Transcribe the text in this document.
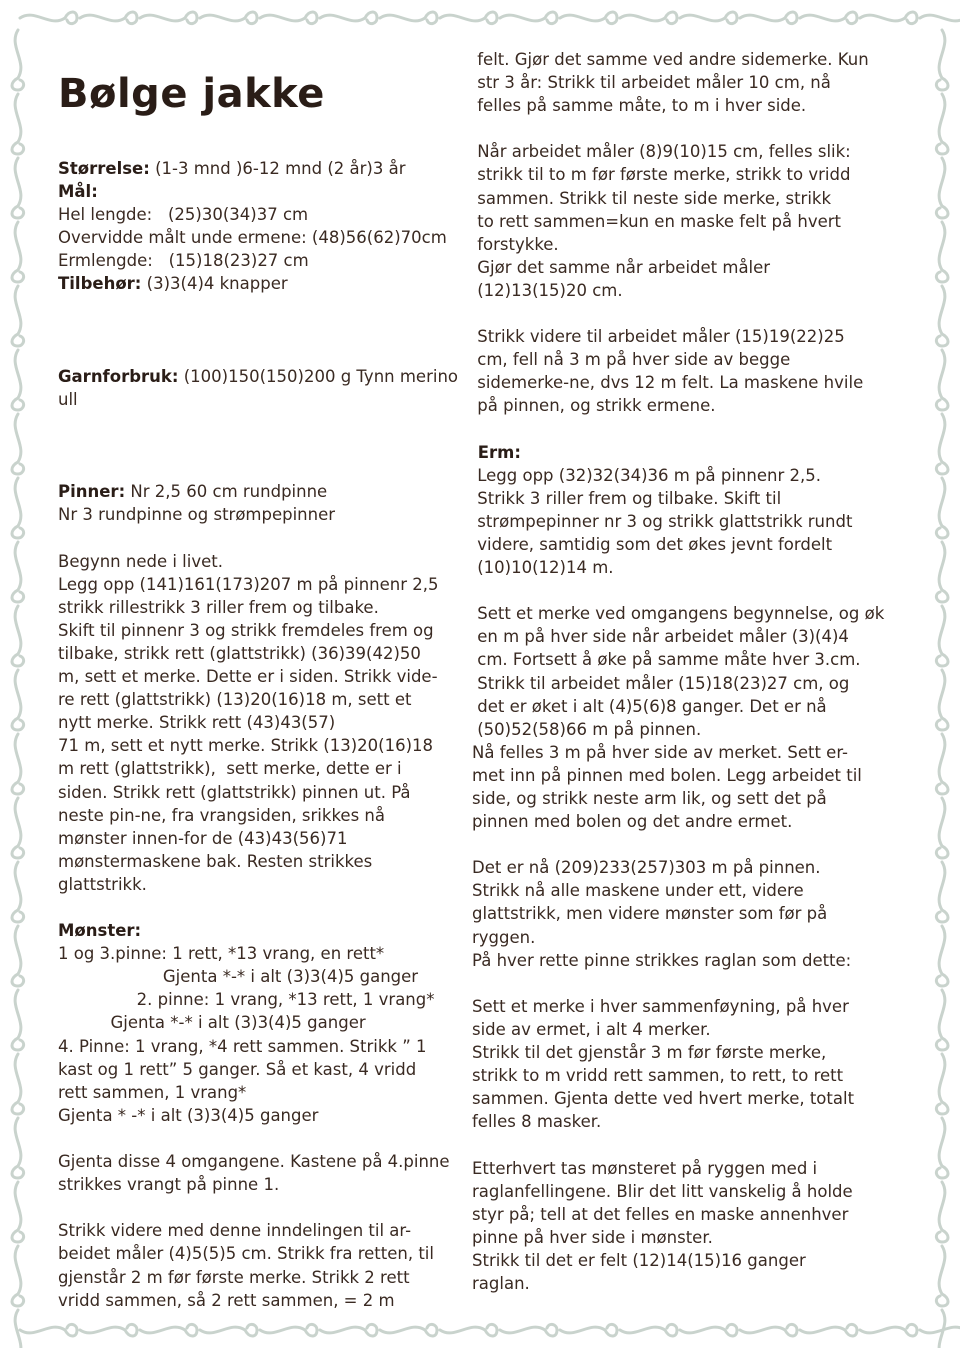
Bølge jakke
Størrelse: (1-3 mnd )6-12 mnd (2 år)3 år
Mål:
Hel lengde:   (25)30(34)37 cm
Overvidde målt unde ermene: (48)56(62)70cm
Ermlengde:   (15)18(23)27 cm
Tilbehør: (3)3(4)4 knapper
Garnforbruk: (100)150(150)200 g Tynn merino
ull
Pinner: Nr 2,5 60 cm rundpinne
Nr 3 rundpinne og strømpepinner
Begynn nede i livet.
Legg opp (141)161(173)207 m på pinnenr 2,5
strikk rillestrikk 3 riller frem og tilbake.
Skift til pinnenr 3 og strikk fremdeles frem og
tilbake, strikk rett (glattstrikk) (36)39(42)50
m, sett et merke. Dette er i siden. Strikk vide-
re rett (glattstrikk) (13)20(16)18 m, sett et
nytt merke. Strikk rett (43)43(57)
71 m, sett et nytt merke. Strikk (13)20(16)18
m rett (glattstrikk),  sett merke, dette er i
siden. Strikk rett (glattstrikk) pinnen ut. På
neste pin-ne, fra vrangsiden, srikkes nå
mønster innen-for de (43)43(56)71
mønstermaskene bak. Resten strikkes
glattstrikk.
Mønster:
1 og 3.pinne: 1 rett, *13 vrang, en rett*
Gjenta *-* i alt (3)3(4)5 ganger
2. pinne: 1 vrang, *13 rett, 1 vrang*
Gjenta *-* i alt (3)3(4)5 ganger
4. Pinne: 1 vrang, *4 rett sammen. Strikk ” 1
kast og 1 rett” 5 ganger. Så et kast, 4 vridd
rett sammen, 1 vrang*
Gjenta * -* i alt (3)3(4)5 ganger
Gjenta disse 4 omgangene. Kastene på 4.pinne
strikkes vrangt på pinne 1.
Strikk videre med denne inndelingen til ar-
beidet måler (4)5(5)5 cm. Strikk fra retten, til
gjenstår 2 m før første merke. Strikk 2 rett
vridd sammen, så 2 rett sammen, = 2 m
felt. Gjør det samme ved andre sidemerke. Kun
str 3 år: Strikk til arbeidet måler 10 cm, nå
felles på samme måte, to m i hver side.
Når arbeidet måler (8)9(10)15 cm, felles slik:
strikk til to m før første merke, strikk to vridd
sammen. Strikk til neste side merke, strikk
to rett sammen=kun en maske felt på hvert
forstykke.
Gjør det samme når arbeidet måler
(12)13(15)20 cm.
Strikk videre til arbeidet måler (15)19(22)25
cm, fell nå 3 m på hver side av begge
sidemerke-ne, dvs 12 m felt. La maskene hvile
på pinnen, og strikk ermene.
Erm:
Legg opp (32)32(34)36 m på pinnenr 2,5.
Strikk 3 riller frem og tilbake. Skift til
strømpepinner nr 3 og strikk glattstrikk rundt
videre, samtidig som det økes jevnt fordelt
(10)10(12)14 m.
Sett et merke ved omgangens begynnelse, og øk
en m på hver side når arbeidet måler (3)(4)4
cm. Fortsett å øke på samme måte hver 3.cm.
Strikk til arbeidet måler (15)18(23)27 cm, og
det er øket i alt (4)5(6)8 ganger. Det er nå
(50)52(58)66 m på pinnen.
Nå felles 3 m på hver side av merket. Sett er-
met inn på pinnen med bolen. Legg arbeidet til
side, og strikk neste arm lik, og sett det på
pinnen med bolen og det andre ermet.
Det er nå (209)233(257)303 m på pinnen.
Strikk nå alle maskene under ett, videre
glattstrikk, men videre mønster som før på
ryggen.
På hver rette pinne strikkes raglan som dette:
Sett et merke i hver sammenføyning, på hver
side av ermet, i alt 4 merker.
Strikk til det gjenstår 3 m før første merke,
strikk to m vridd rett sammen, to rett, to rett
sammen. Gjenta dette ved hvert merke, totalt
felles 8 masker.
Etterhvert tas mønsteret på ryggen med i
raglanfellingene. Blir det litt vanskelig å holde
styr på; tell at det felles en maske annenhver
pinne på hver side i mønster.
Strikk til det er felt (12)14(15)16 ganger
raglan.
